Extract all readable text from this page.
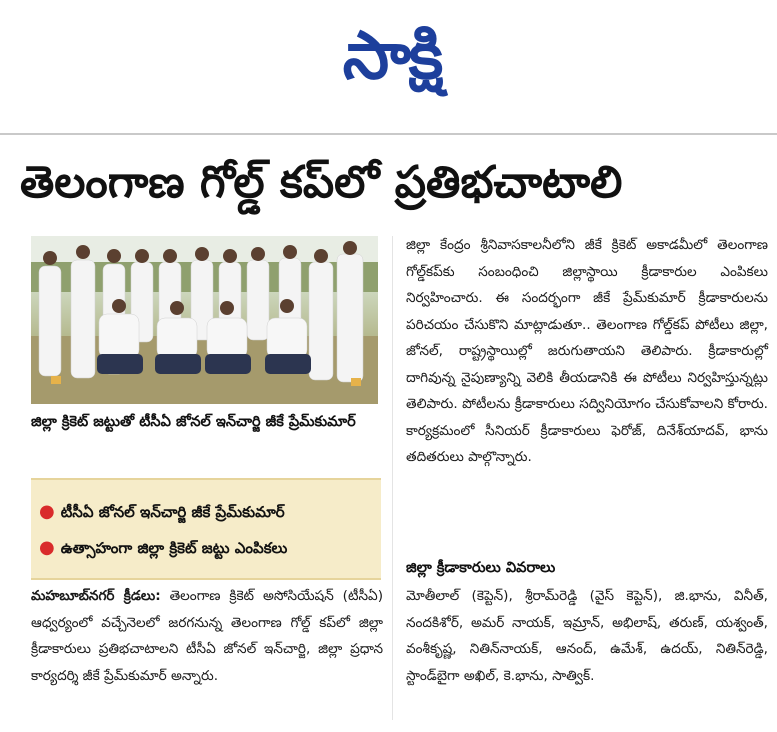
సాక్షి
తెలంగాణ గోల్డ్ కప్‌లో ప్రతిభచాటాలి
జిల్లా క్రికెట్ జట్టుతో టీసీఏ జోనల్ ఇన్‌చార్జి జీకే ప్రేమ్‌కుమార్
● టీసీఏ జోనల్ ఇన్‌చార్జి జీకే ప్రేమ్‌కుమార్
● ఉత్సాహంగా జిల్లా క్రికెట్ జట్టు ఎంపికలు
మహబూబ్‌నగర్ క్రీడలు: తెలంగాణ క్రికెట్ అసోసియేషన్ (టీసీఏ) ఆధ్వర్యంలో వచ్చేనెలలో జరగనున్న తెలంగాణ గోల్డ్ కప్‌లో జిల్లా క్రీడాకారులు ప్రతిభచాటాలని టీసీఏ జోనల్ ఇన్‌చార్జి, జిల్లా ప్రధాన కార్యదర్శి జీకే ప్రేమ్‌కుమార్ అన్నారు.
జిల్లా కేంద్రం శ్రీనివాసకాలనీలోని జీకే క్రికెట్ అకాడమీలో తెలంగాణ గోల్డ్‌కప్‌కు సంబంధించి జిల్లాస్థాయి క్రీడాకారుల ఎంపికలు నిర్వహించారు. ఈ సందర్భంగా జీకే ప్రేమ్‌కుమార్ క్రీడాకారులను పరిచయం చేసుకొని మాట్లాడుతూ.. తెలంగాణ గోల్డ్‌కప్ పోటీలు జిల్లా, జోనల్, రాష్ట్రస్థాయిల్లో జరుగుతాయని తెలిపారు. క్రీడాకారుల్లో దాగివున్న నైపుణ్యాన్ని వెలికి తీయడానికి ఈ పోటీలు నిర్వహిస్తున్నట్లు తెలిపారు. పోటీలను క్రీడాకారులు సద్వినియోగం చేసుకోవాలని కోరారు. కార్యక్రమంలో సీనియర్ క్రీడాకారులు ఫెరోజ్, దినేశ్‌యాదవ్, భాను తదితరులు పాల్గొన్నారు.
జిల్లా క్రీడాకారులు వివరాలు
మోతీలాల్ (కెప్టెన్), శ్రీరామ్‌రెడ్డి (వైస్ కెప్టెన్), జి.భాను, వినీత్, నందకిశోర్, అమర్ నాయక్, ఇమ్రాన్, అభిలాష్, తరుణ్, యశ్వంత్, వంశీకృష్ణ, నితిన్‌నాయక్, ఆనంద్, ఉమేశ్, ఉదయ్, నితిన్‌రెడ్డి, స్టాండ్‌బైగా అఖిల్, కె.భాను, సాత్విక్.
